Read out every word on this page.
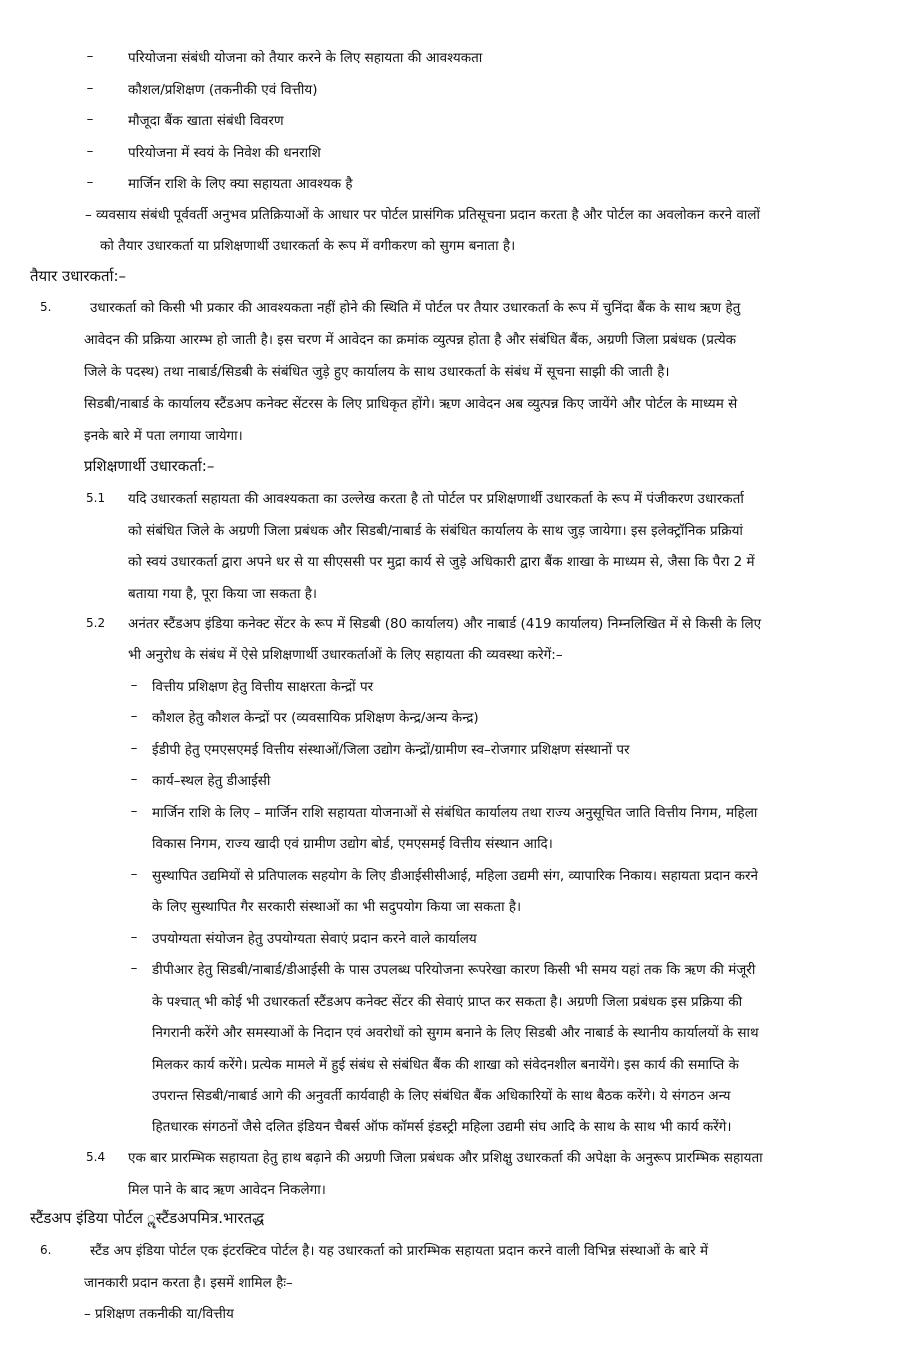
–	परियोजना संबंधी योजना को तैयार करने के लिए सहायता की आवश्यकता
–	कौशल/प्रशिक्षण (तकनीकी एवं वित्तीय)
–	मौजूदा बैंक खाता संबंधी विवरण
–	परियोजना में स्वयं के निवेश की धनराशि
–	मार्जिन राशि के लिए क्या सहायता आवश्यक है
– व्यवसाय संबंधी पूर्ववर्ती अनुभव प्रतिक्रियाओं के आधार पर पोर्टल प्रासंगिक प्रतिसूचना प्रदान करता है और पोर्टल का अवलोकन करने वालों
को तैयार उधारकर्ता या प्रशिक्षणार्थी उधारकर्ता के रूप में वगीकरण को सुगम बनाता है।
तैयार उधारकर्ता:–
5.	उधारकर्ता को किसी भी प्रकार की आवश्यकता नहीं होने की स्थिति में पोर्टल पर तैयार उधारकर्ता के रूप में चुनिंदा बैंक के साथ ऋण हेतु
आवेदन की प्रक्रिया आरम्भ हो जाती है। इस चरण में आवेदन का क्रमांक व्युत्पन्न होता है और संबंधित बैंक, अग्रणी जिला प्रबंधक (प्रत्येक
जिले के पदस्थ) तथा नाबार्ड/सिडबी के संबंधित जुड़े हुए कार्यालय के साथ उधारकर्ता के संबंध में सूचना साझी की जाती है।
सिडबी/नाबार्ड के कार्यालय स्टैंडअप कनेक्ट सेंटरस के लिए प्राधिकृत होंगे। ऋण आवेदन अब व्युत्पन्न किए जायेंगे और पोर्टल के माध्यम से
इनके बारे में पता लगाया जायेगा।
प्रशिक्षणार्थी उधारकर्ता:–
5.1 यदि उधारकर्ता सहायता की आवश्यकता का उल्लेख करता है तो पोर्टल पर प्रशिक्षणार्थी उधारकर्ता के रूप में पंजीकरण उधारकर्ता
को संबंधित जिले के अग्रणी जिला प्रबंधक और सिडबी/नाबार्ड के संबंधित कार्यालय के साथ जुड़ जायेगा। इस इलेक्ट्रॉनिक प्रक्रियां
को स्वयं उधारकर्ता द्वारा अपने धर से या सीएससी पर मुद्रा कार्य से जुड़े अधिकारी द्वारा बैंक शाखा के माध्यम से, जैसा कि पैरा 2 में
बताया गया है, पूरा किया जा सकता है।
5.2 अनंतर स्टैंडअप इंडिया कनेक्ट सेंटर के रूप में सिडबी (80 कार्यालय) और नाबार्ड (419 कार्यालय) निम्नलिखित में से किसी के लिए
भी अनुरोध के संबंध में ऐसे प्रशिक्षणार्थी उधारकर्ताओं के लिए सहायता की व्यवस्था करेगें:–
– वित्तीय प्रशिक्षण हेतु वित्तीय साक्षरता केन्द्रों पर
– कौशल हेतु कौशल केन्द्रों पर (व्यवसायिक प्रशिक्षण केन्द्र/अन्य केन्द्र)
– ईडीपी हेतु एमएसएमई वित्तीय संस्थाओं/जिला उद्योग केन्द्रों/ग्रामीण स्व–रोजगार प्रशिक्षण संस्थानों पर
– कार्य–स्थल हेतु डीआईसी
– मार्जिन राशि के लिए – मार्जिन राशि सहायता योजनाओं से संबंधित कार्यालय तथा राज्य अनुसूचित जाति वित्तीय निगम, महिला
विकास निगम, राज्य खादी एवं ग्रामीण उद्योग बोर्ड, एमएसमई वित्तीय संस्थान आदि।
– सुस्थापित उद्यमियों से प्रतिपालक सहयोग के लिए डीआईसीसीआई, महिला उद्यमी संग, व्यापारिक निकाय। सहायता प्रदान करने
के लिए सुस्थापित गैर सरकारी संस्थाओं का भी सदुपयोग किया जा सकता है।
– उपयोग्यता संयोजन हेतु उपयोग्यता सेवाएं प्रदान करने वाले कार्यालय
– डीपीआर हेतु सिडबी/नाबार्ड/डीआईसी के पास उपलब्ध परियोजना रूपरेखा कारण किसी भी समय यहां तक कि ऋण की मंजूरी
के पश्चात् भी कोई भी उधारकर्ता स्टैंडअप कनेक्ट सेंटर की सेवाएं प्राप्त कर सकता है। अग्रणी जिला प्रबंधक इस प्रक्रिया की
निगरानी करेंगे और समस्याओं के निदान एवं अवरोधों को सुगम बनाने के लिए सिडबी और नाबार्ड के स्थानीय कार्यालयों के साथ
मिलकर कार्य करेंगे। प्रत्येक मामले में हुई संबंध से संबंधित बैंक की शाखा को संवेदनशील बनायेंगे। इस कार्य की समाप्ति के
उपरान्त सिडबी/नाबार्ड आगे की अनुवर्ती कार्यवाही के लिए संबंधित बैंक अधिकारियों के साथ बैठक करेंगे। ये संगठन अन्य
हितधारक संगठनों जैसे दलित इंडियन चैबर्स ऑफ कॉमर्स इंडस्ट्री महिला उद्यमी संघ आदि के साथ के साथ भी कार्य करेंगे।
5.4 एक बार प्रारम्भिक सहायता हेतु हाथ बढ़ाने की अग्रणी जिला प्रबंधक और प्रशिक्षु उधारकर्ता की अपेक्षा के अनुरूप प्रारम्भिक सहायता
मिल पाने के बाद ऋण आवेदन निकलेगा।
स्टैंडअप इंडिया पोर्टल ॣस्टैंडअपमित्र.भारतद्ध
6.	स्टैंड अप इंडिया पोर्टल एक इंटरक्टिव पोर्टल है। यह उधारकर्ता को प्रारम्भिक सहायता प्रदान करने वाली विभिन्न संस्थाओं के बारे में
जानकारी प्रदान करता है। इसमें शामिल हैः–
– प्रशिक्षण तकनीकी या/वित्तीय
